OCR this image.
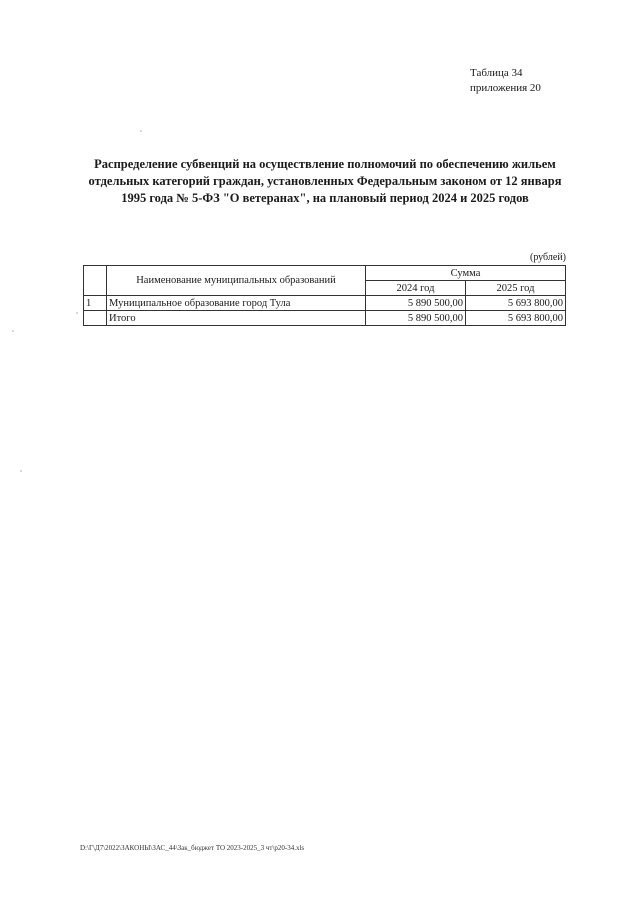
Таблица 34
приложения 20
Распределение субвенций на осуществление полномочий по обеспечению жильем
отдельных категорий граждан, установленных Федеральным законом от 12 января
1995 года № 5-ФЗ "О ветеранах", на плановый период 2024 и 2025 годов
(рублей)
	Наименование муниципальных образований	Сумма	
		2024 год	2025 год
1	Муниципальное образование город Тула	5 890 500,00	5 693 800,00
	Итого	5 890 500,00	5 693 800,00
D:\Г\Д7\2022\ЗАКОНЫ\ЗАС_44\Зак_бюджет ТО 2023-2025_3 чт\р20-34.xls
